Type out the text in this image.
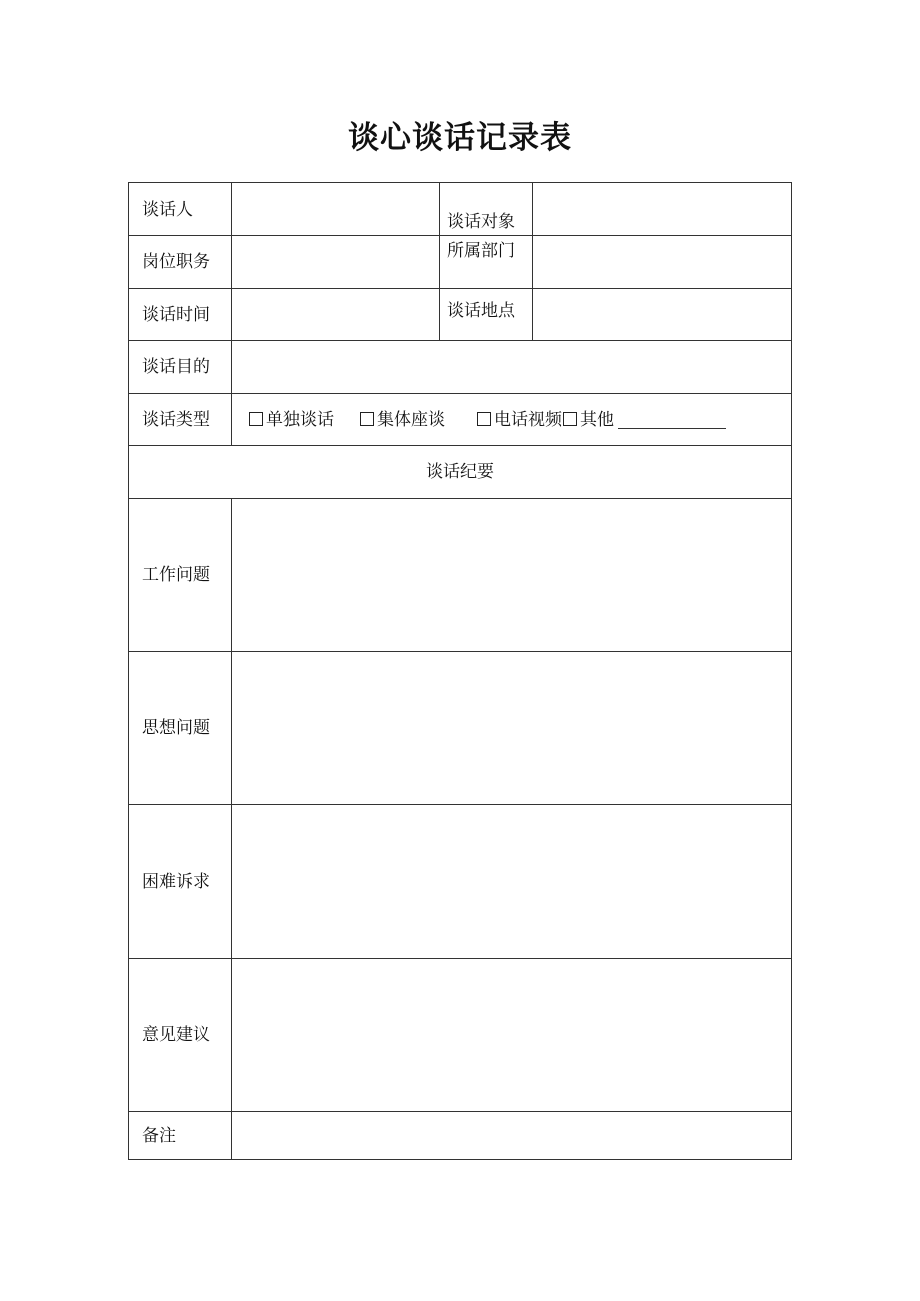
谈心谈话记录表
谈话人		谈话对象	
岗位职务		所属部门	
谈话时间		谈话地点	
谈话目的			
谈话类型	单独谈话 集体座谈 电话视频 其他		
谈话纪要			
工作问题			
思想问题			
困难诉求			
意见建议			
备注			
